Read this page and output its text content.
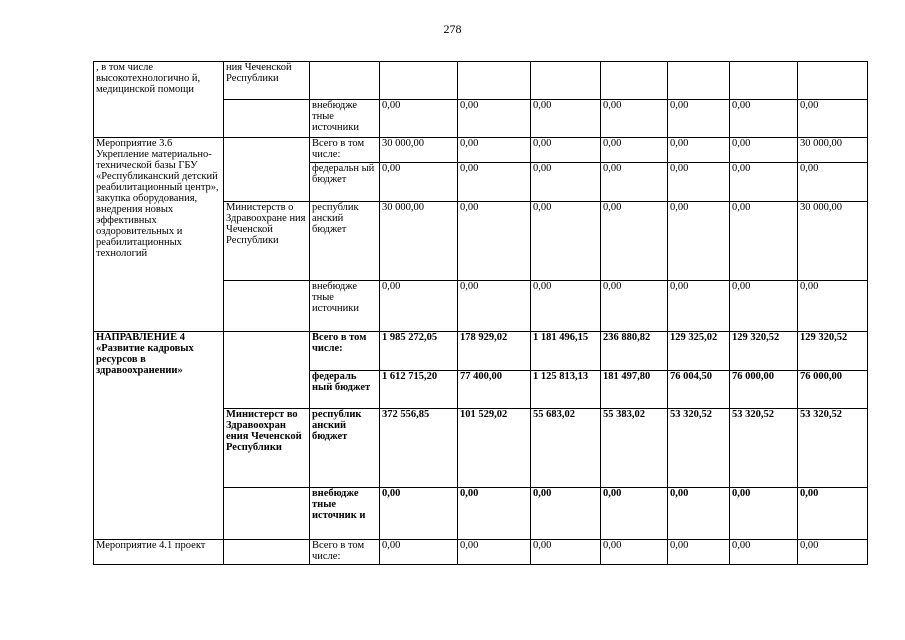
278
, в том числе высокотехнологично й, медицинской помощи	ния Чеченской Республики								
		внебюдже тные источники	0,00	0,00	0,00	0,00	0,00	0,00	0,00
Мероприятие 3.6 Укрепление материально-технической базы ГБУ «Республиканский детский реабилитационный центр», закупка оборудования, внедрения новых эффективных оздоровительных и реабилитационных технологий		Всего в том числе:	30 000,00	0,00	0,00	0,00	0,00	0,00	30 000,00
		федеральн ый бюджет	0,00	0,00	0,00	0,00	0,00	0,00	0,00
	Министерств о Здравоохране ния Чеченской Республики	республик анский бюджет	30 000,00	0,00	0,00	0,00	0,00	0,00	30 000,00
		внебюдже тные источники	0,00	0,00	0,00	0,00	0,00	0,00	0,00
НАПРАВЛЕНИЕ 4 «Развитие кадровых ресурсов в здравоохранении»		Всего в том числе:	1 985 272,05	178 929,02	1 181 496,15	236 880,82	129 325,02	129 320,52	129 320,52
		федераль ный бюджет	1 612 715,20	77 400,00	1 125 813,13	181 497,80	76 004,50	76 000,00	76 000,00
	Министерст во Здравоохран ения Чеченской Республики	республик анский бюджет	372 556,85	101 529,02	55 683,02	55 383,02	53 320,52	53 320,52	53 320,52
		внебюдже тные источник и	0,00	0,00	0,00	0,00	0,00	0,00	0,00
Мероприятие 4.1 проект		Всего в том числе:	0,00	0,00	0,00	0,00	0,00	0,00	0,00
